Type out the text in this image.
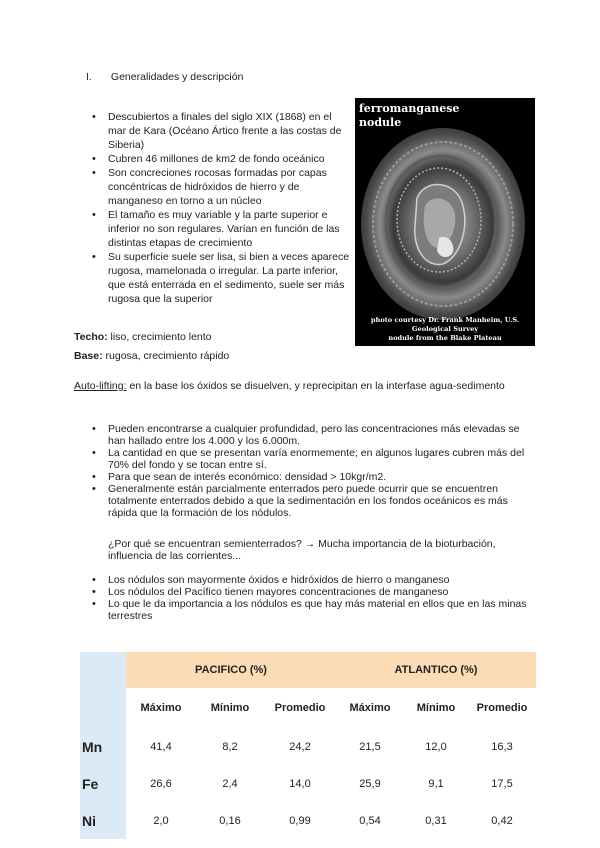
I. Generalidades y descripción
• Descubiertos a finales del siglo XIX (1868) en el mar de Kara (Océano Ártico frente a las costas de Siberia)
• Cubren 46 millones de km2 de fondo oceánico
• Son concreciones rocosas formadas por capas concéntricas de hidróxidos de hierro y de manganeso en torno a un núcleo
• El tamaño es muy variable y la parte superior e inferior no son regulares. Varían en función de las distintas etapas de crecimiento
• Su superficie suele ser lisa, si bien a veces aparece rugosa, mamelonada o irregular. La parte inferior, que está enterrada en el sedimento, suele ser más rugosa que la superior
ferromanganese
nodule
photo courtesy Dr. Frank Manheim, U.S. Geological Survey
nodule from the Blake Plateau
Techo: liso, crecimiento lento
Base: rugosa, crecimiento rápido
Auto-lifting: en la base los óxidos se disuelven, y reprecipitan en la interfase agua-sedimento
• Pueden encontrarse a cualquier profundidad, pero las concentraciones más elevadas se han hallado entre los 4.000 y los 6.000m.
• La cantidad en que se presentan varía enormemente; en algunos lugares cubren más del 70% del fondo y se tocan entre sí.
• Para que sean de interés económico: densidad > 10kgr/m2.
• Generalmente están parcialmente enterrados pero puede ocurrir que se encuentren totalmente enterrados debido a que la sedimentación en los fondos oceánicos es más rápida que la formación de los nódulos.
¿Por qué se encuentran semienterrados? → Mucha importancia de la bioturbación, influencia de las corrientes...
• Los nódulos son mayormente óxidos e hidróxidos de hierro o manganeso
• Los nódulos del Pacífico tienen mayores concentraciones de manganeso
• Lo que le da importancia a los nódulos es que hay más material en ellos que en las minas terrestres
	PACIFICO (%)			ATLANTICO (%)		
	Máximo	Mínimo	Promedio	Máximo	Mínimo	Promedio
Mn	41,4	8,2	24,2	21,5	12,0	16,3
Fe	26,6	2,4	14,0	25,9	9,1	17,5
Ni	2,0	0,16	0,99	0,54	0,31	0,42
